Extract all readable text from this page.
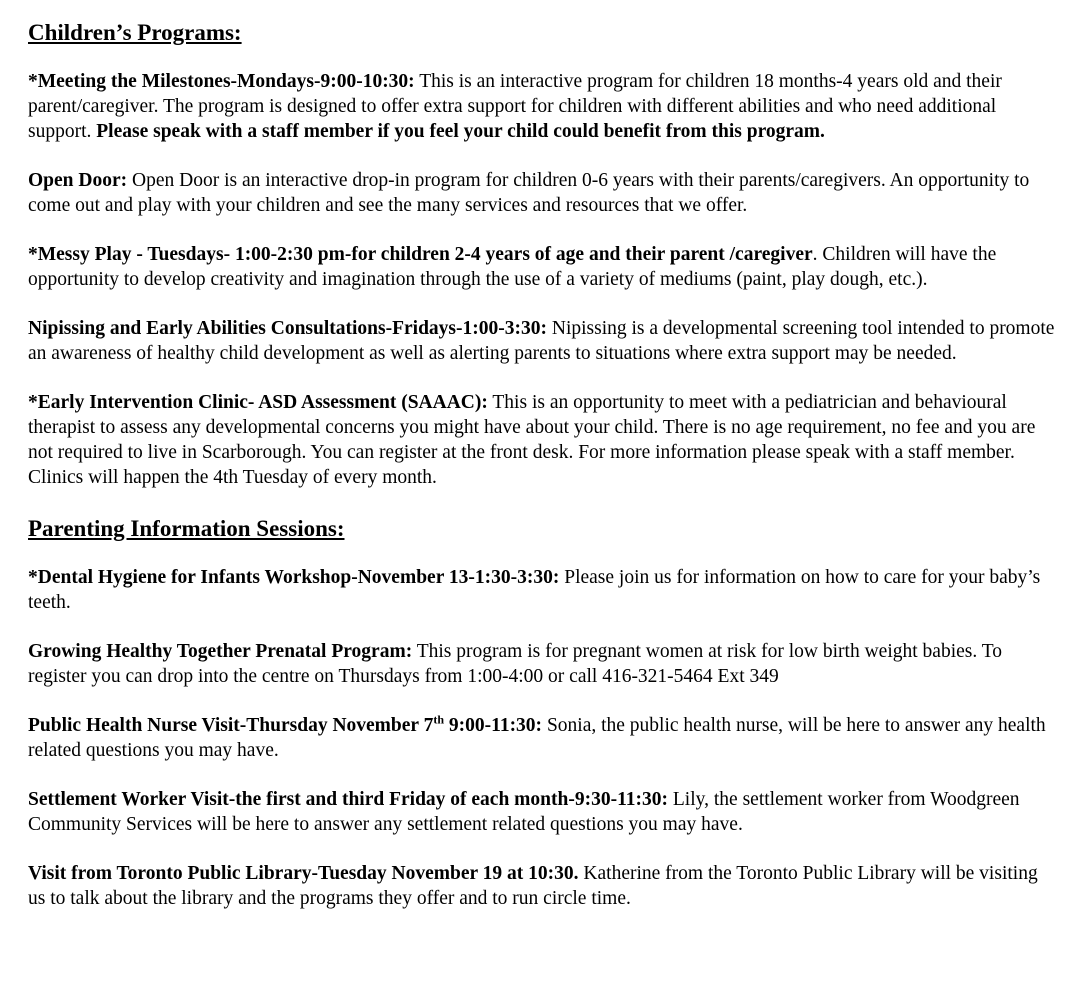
Children’s Programs:

*Meeting the Milestones-Mondays-9:00-10:30: This is an interactive program for children 18 months-4 years old and their parent/caregiver. The program is designed to offer extra support for children with different abilities and who need additional support. Please speak with a staff member if you feel your child could benefit from this program.

Open Door: Open Door is an interactive drop-in program for children 0-6 years with their parents/caregivers. An opportunity to come out and play with your children and see the many services and resources that we offer.

*Messy Play - Tuesdays- 1:00-2:30 pm-for children 2-4 years of age and their parent /caregiver. Children will have the opportunity to develop creativity and imagination through the use of a variety of mediums (paint, play dough, etc.).

Nipissing and Early Abilities Consultations-Fridays-1:00-3:30: Nipissing is a developmental screening tool intended to promote an awareness of healthy child development as well as alerting parents to situations where extra support may be needed.

*Early Intervention Clinic- ASD Assessment (SAAAC): This is an opportunity to meet with a pediatrician and behavioural therapist to assess any developmental concerns you might have about your child. There is no age requirement, no fee and you are not required to live in Scarborough. You can register at the front desk. For more information please speak with a staff member. Clinics will happen the 4th Tuesday of every month.

Parenting Information Sessions:

*Dental Hygiene for Infants Workshop-November 13-1:30-3:30: Please join us for information on how to care for your baby’s teeth.

Growing Healthy Together Prenatal Program: This program is for pregnant women at risk for low birth weight babies. To register you can drop into the centre on Thursdays from 1:00-4:00 or call 416-321-5464 Ext 349

Public Health Nurse Visit-Thursday November 7th 9:00-11:30: Sonia, the public health nurse, will be here to answer any health related questions you may have.

Settlement Worker Visit-the first and third Friday of each month-9:30-11:30: Lily, the settlement worker from Woodgreen Community Services will be here to answer any settlement related questions you may have.

Visit from Toronto Public Library-Tuesday November 19 at 10:30. Katherine from the Toronto Public Library will be visiting us to talk about the library and the programs they offer and to run circle time.
